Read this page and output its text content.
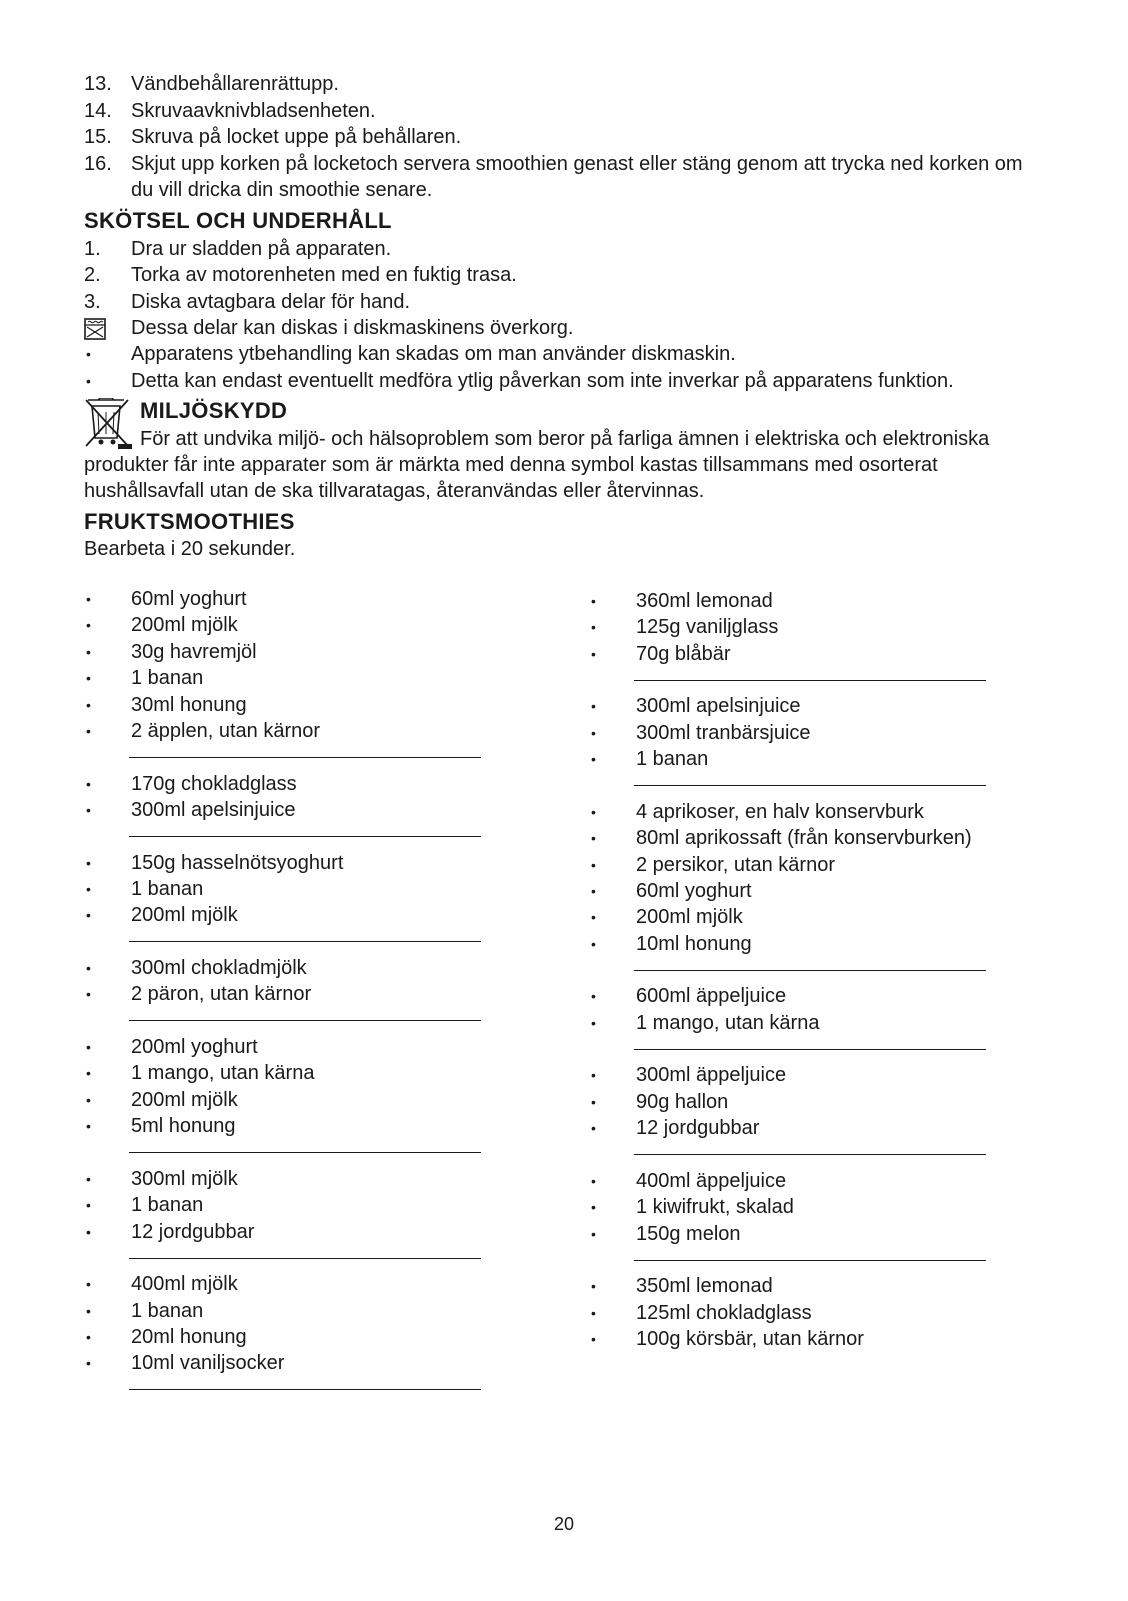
13. Vändbehållarenrättupp.
14. Skruvaavknivbladsenheten.
15. Skruva på locket uppe på behållaren.
16. Skjut upp korken på locketoch servera smoothien genast eller stäng genom att trycka ned korken om
du vill dricka din smoothie senare.
SKÖTSEL OCH UNDERHÅLL
1. Dra ur sladden på apparaten.
2. Torka av motorenheten med en fuktig trasa.
3. Diska avtagbara delar för hand.
Dessa delar kan diskas i diskmaskinens överkorg.
• Apparatens ytbehandling kan skadas om man använder diskmaskin.
• Detta kan endast eventuellt medföra ytlig påverkan som inte inverkar på apparatens funktion.
MILJÖSKYDD
För att undvika miljö- och hälsoproblem som beror på farliga ämnen i elektriska och elektroniska
produkter får inte apparater som är märkta med denna symbol kastas tillsammans med osorterat
hushållsavfall utan de ska tillvaratagas, återanvändas eller återvinnas.
FRUKTSMOOTHIES
Bearbeta i 20 sekunder.
• 60ml yoghurt
• 200ml mjölk
• 30g havremjöl
• 1 banan
• 30ml honung
• 2 äpplen, utan kärnor
• 170g chokladglass
• 300ml apelsinjuice
• 150g hasselnötsyoghurt
• 1 banan
• 200ml mjölk
• 300ml chokladmjölk
• 2 päron, utan kärnor
• 200ml yoghurt
• 1 mango, utan kärna
• 200ml mjölk
• 5ml honung
• 300ml mjölk
• 1 banan
• 12 jordgubbar
• 400ml mjölk
• 1 banan
• 20ml honung
• 10ml vaniljsocker
• 360ml lemonad
• 125g vaniljglass
• 70g blåbär
• 300ml apelsinjuice
• 300ml tranbärsjuice
• 1 banan
• 4 aprikoser, en halv konservburk
• 80ml aprikossaft (från konservburken)
• 2 persikor, utan kärnor
• 60ml yoghurt
• 200ml mjölk
• 10ml honung
• 600ml äppeljuice
• 1 mango, utan kärna
• 300ml äppeljuice
• 90g hallon
• 12 jordgubbar
• 400ml äppeljuice
• 1 kiwifrukt, skalad
• 150g melon
• 350ml lemonad
• 125ml chokladglass
• 100g körsbär, utan kärnor
20
